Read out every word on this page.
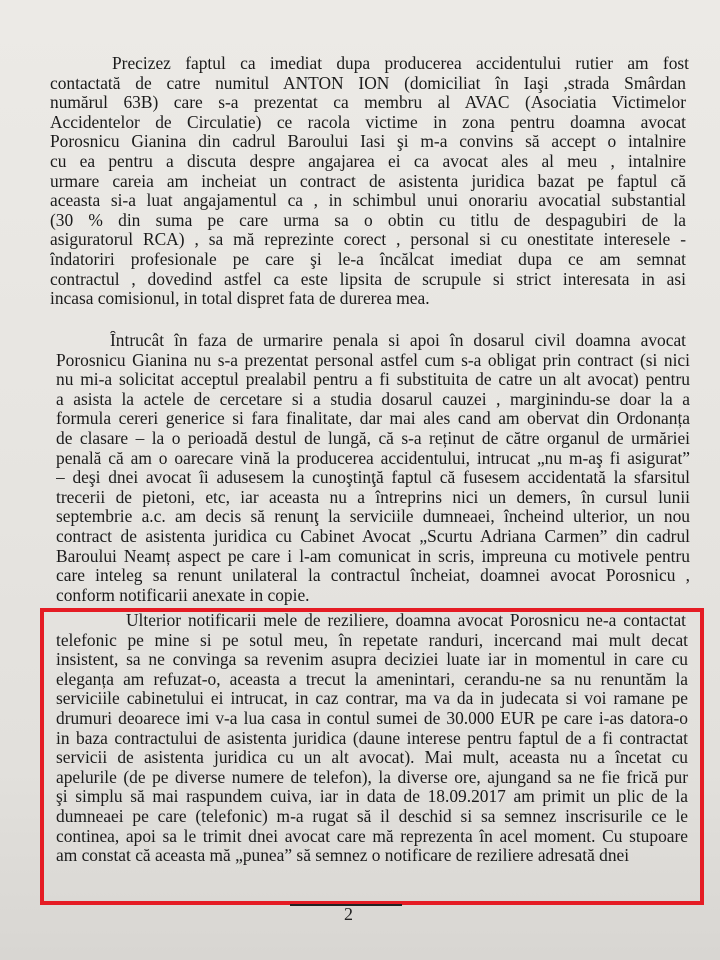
Precizez faptul ca imediat dupa producerea accidentului rutier am fost
contactată de catre numitul ANTON ION (domiciliat în Iaşi ,strada Smârdan
numărul 63B) care s-a prezentat ca membru al AVAC (Asociatia Victimelor
Accidentelor de Circulatie) ce racola victime in zona pentru doamna avocat
Porosnicu Gianina din cadrul Baroului Iasi şi m-a convins să accept o intalnire
cu ea pentru a discuta despre angajarea ei ca avocat ales al meu , intalnire
urmare careia am incheiat un contract de asistenta juridica bazat pe faptul că
aceasta si-a luat angajamentul ca , in schimbul unui onorariu avocatial substantial
(30 % din suma pe care urma sa o obtin cu titlu de despagubiri de la
asiguratorul RCA) , sa mă reprezinte corect , personal si cu onestitate interesele -
îndatoriri profesionale pe care şi le-a încălcat imediat dupa ce am semnat
contractul , dovedind astfel ca este lipsita de scrupule si strict interesata in asi
incasa comisionul, in total dispret fata de durerea mea.
Întrucât în faza de urmarire penala si apoi în dosarul civil doamna avocat
Porosnicu Gianina nu s-a prezentat personal astfel cum s-a obligat prin contract (si nici
nu mi-a solicitat acceptul prealabil pentru a fi substituita de catre un alt avocat) pentru
a asista la actele de cercetare si a studia dosarul cauzei , marginindu-se doar la a
formula cereri generice si fara finalitate, dar mai ales cand am obervat din Ordonanța
de clasare – la o perioadă destul de lungă, că s-a reținut de către organul de urmăriei
penală că am o oarecare vină la producerea accidentului, intrucat „nu m-aş fi asigurat”
– deşi dnei avocat îi adusesem la cunoştinţă faptul că fusesem accidentată la sfarsitul
trecerii de pietoni, etc, iar aceasta nu a întreprins nici un demers, în cursul lunii
septembrie a.c. am decis să renunţ la serviciile dumneaei, încheind ulterior, un nou
contract de asistenta juridica cu Cabinet Avocat „Scurtu Adriana Carmen” din cadrul
Baroului Neamț aspect pe care i l-am comunicat in scris, impreuna cu motivele pentru
care inteleg sa renunt unilateral la contractul încheiat, doamnei avocat Porosnicu ,
conform notificarii anexate in copie.
Ulterior notificarii mele de reziliere, doamna avocat Porosnicu ne-a contactat
telefonic pe mine si pe sotul meu, în repetate randuri, incercand mai mult decat
insistent, sa ne convinga sa revenim asupra deciziei luate iar in momentul in care cu
eleganța am refuzat-o, aceasta a trecut la amenintari, cerandu-ne sa nu renuntăm la
serviciile cabinetului ei intrucat, in caz contrar, ma va da in judecata si voi ramane pe
drumuri deoarece imi v-a lua casa in contul sumei de 30.000 EUR pe care i-as datora-o
in baza contractului de asistenta juridica (daune interese pentru faptul de a fi contractat
servicii de asistenta juridica cu un alt avocat). Mai mult, aceasta nu a încetat cu
apelurile (de pe diverse numere de telefon), la diverse ore, ajungand sa ne fie frică pur
şi simplu să mai raspundem cuiva, iar in data de 18.09.2017 am primit un plic de la
dumneaei pe care (telefonic) m-a rugat să il deschid si sa semnez inscrisurile ce le
continea, apoi sa le trimit dnei avocat care mă reprezenta în acel moment. Cu stupoare
am constat că aceasta mă „punea” să semnez o notificare de reziliere adresată dnei
2
